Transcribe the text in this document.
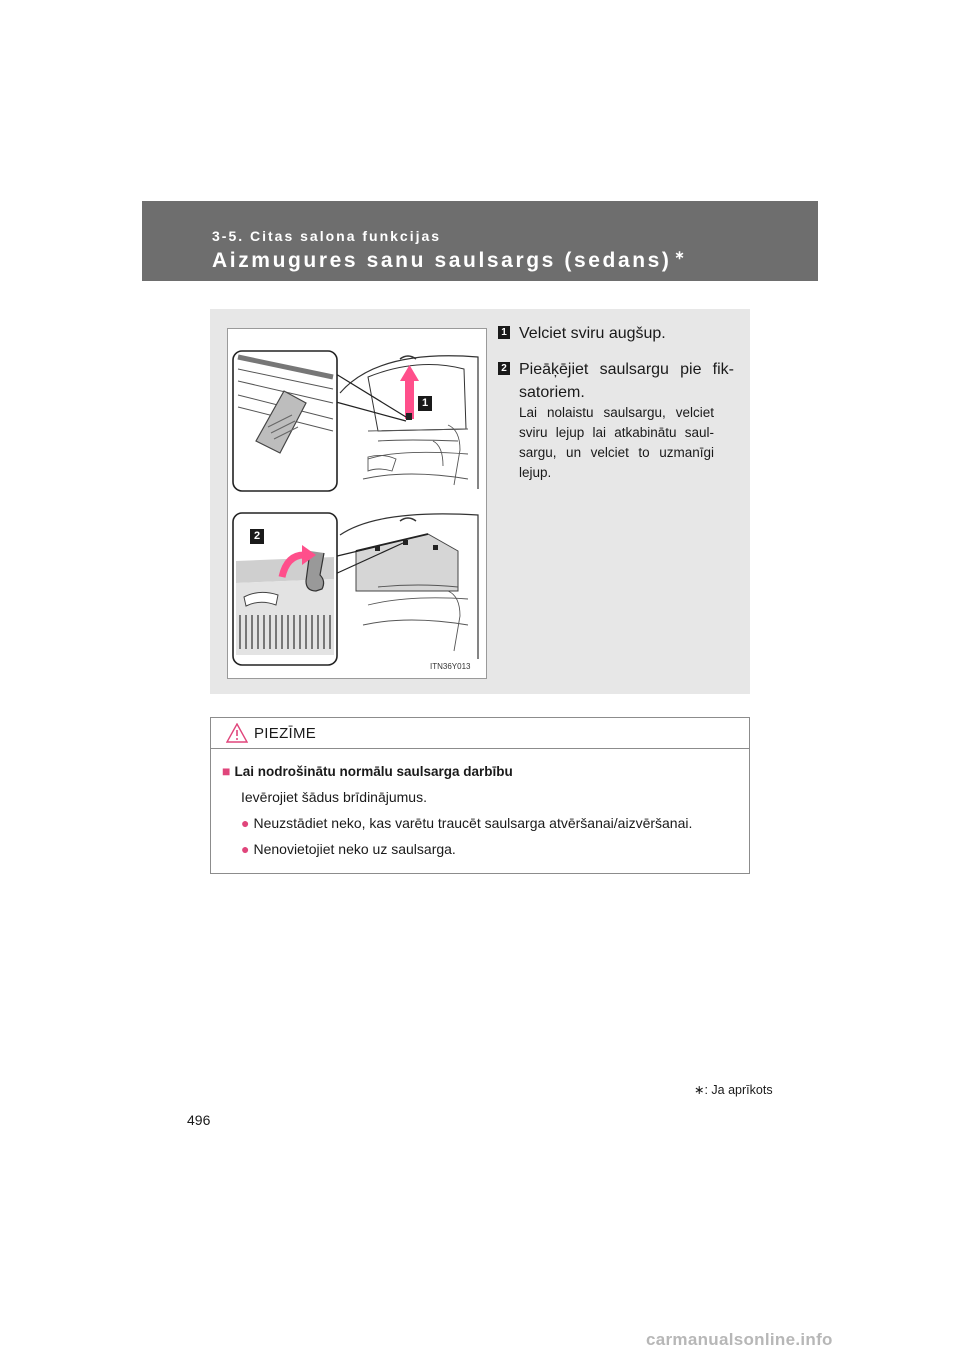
3-5. Citas salona funkcijas
Aizmugures sanu saulsargs (sedans) ∗
1
2
ITN36Y013
1 Velciet sviru augšup.
2 Pieāķējiet saulsargu pie fik-satoriem.
Lai nolaistu saulsargu, velciet sviru lejup lai atkabinātu saul-sargu, un velciet to uzmanīgi lejup.
PIEZĪME
■ Lai nodrošinātu normālu saulsarga darbību
Ievērojiet šādus brīdinājumus.
● Neuzstādiet neko, kas varētu traucēt saulsarga atvēršanai/aizvēršanai.
● Nenovietojiet neko uz saulsarga.
∗: Ja aprīkots
496
carmanualsonline.info
